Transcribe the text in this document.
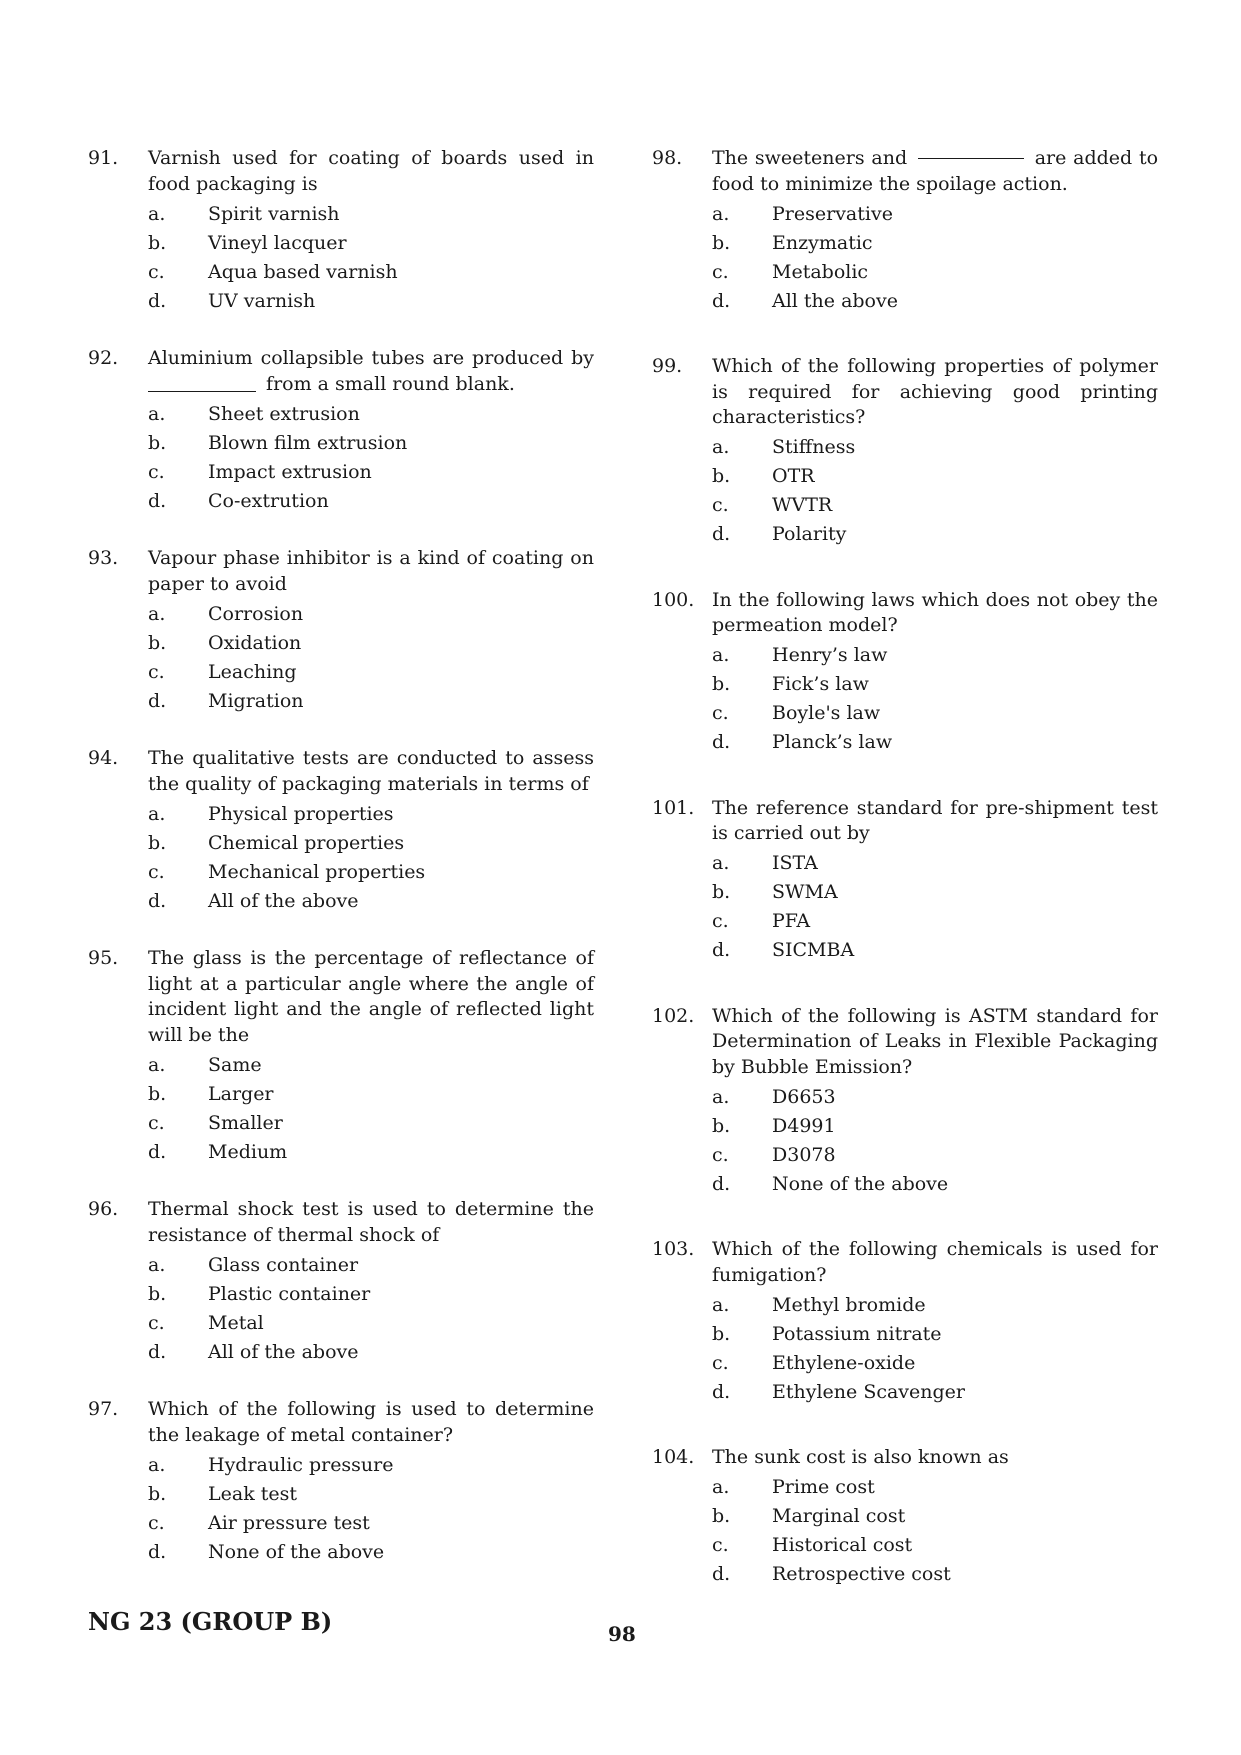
91. Varnish used for coating of boards used in food packaging is
a.	Spirit varnish
b.	Vineyl lacquer
c.	Aqua based varnish
d.	UV varnish
92. Aluminium collapsible tubes are produced by  from a small round blank.
a.	Sheet extrusion
b.	Blown film extrusion
c.	Impact extrusion
d.	Co-extrution
93. Vapour phase inhibitor is a kind of coating on paper to avoid
a.	Corrosion
b.	Oxidation
c.	Leaching
d.	Migration
94. The qualitative tests are conducted to assess the quality of packaging materials in terms of
a.	Physical properties
b.	Chemical properties
c.	Mechanical properties
d.	All of the above
95. The glass is the percentage of reflectance of light at a particular angle where the angle of incident light and the angle of reflected light will be the
a.	Same
b.	Larger
c.	Smaller
d.	Medium
96. Thermal shock test is used to determine the resistance of thermal shock of
a.	Glass container
b.	Plastic container
c.	Metal
d.	All of the above
97. Which of the following is used to determine the leakage of metal container?
a.	Hydraulic pressure
b.	Leak test
c.	Air pressure test
d.	None of the above
98. The sweeteners and	are added to food to minimize the spoilage action.
a.	Preservative
b.	Enzymatic
c.	Metabolic
d.	All the above
99. Which of the following properties of polymer is required for achieving good printing characteristics?
a.	Stiffness
b.	OTR
c.	WVTR
d.	Polarity
100. In the following laws which does not obey the permeation model?
a.	Henry’s law
b.	Fick’s law
c.	Boyle's law
d.	Planck’s law
101. The reference standard for pre-shipment test is carried out by
a.	ISTA
b.	SWMA
c.	PFA
d.	SICMBA
102. Which of the following is ASTM standard for Determination of Leaks in Flexible Packaging by Bubble Emission?
a.	D6653
b.	D4991
c.	D3078
d.	None of the above
103. Which of the following chemicals is used for fumigation?
a.	Methyl bromide
b.	Potassium nitrate
c.	Ethylene-oxide
d.	Ethylene Scavenger
104. The sunk cost is also known as
a.	Prime cost
b.	Marginal cost
c.	Historical cost
d.	Retrospective cost
NG 23 (GROUP B)	98
